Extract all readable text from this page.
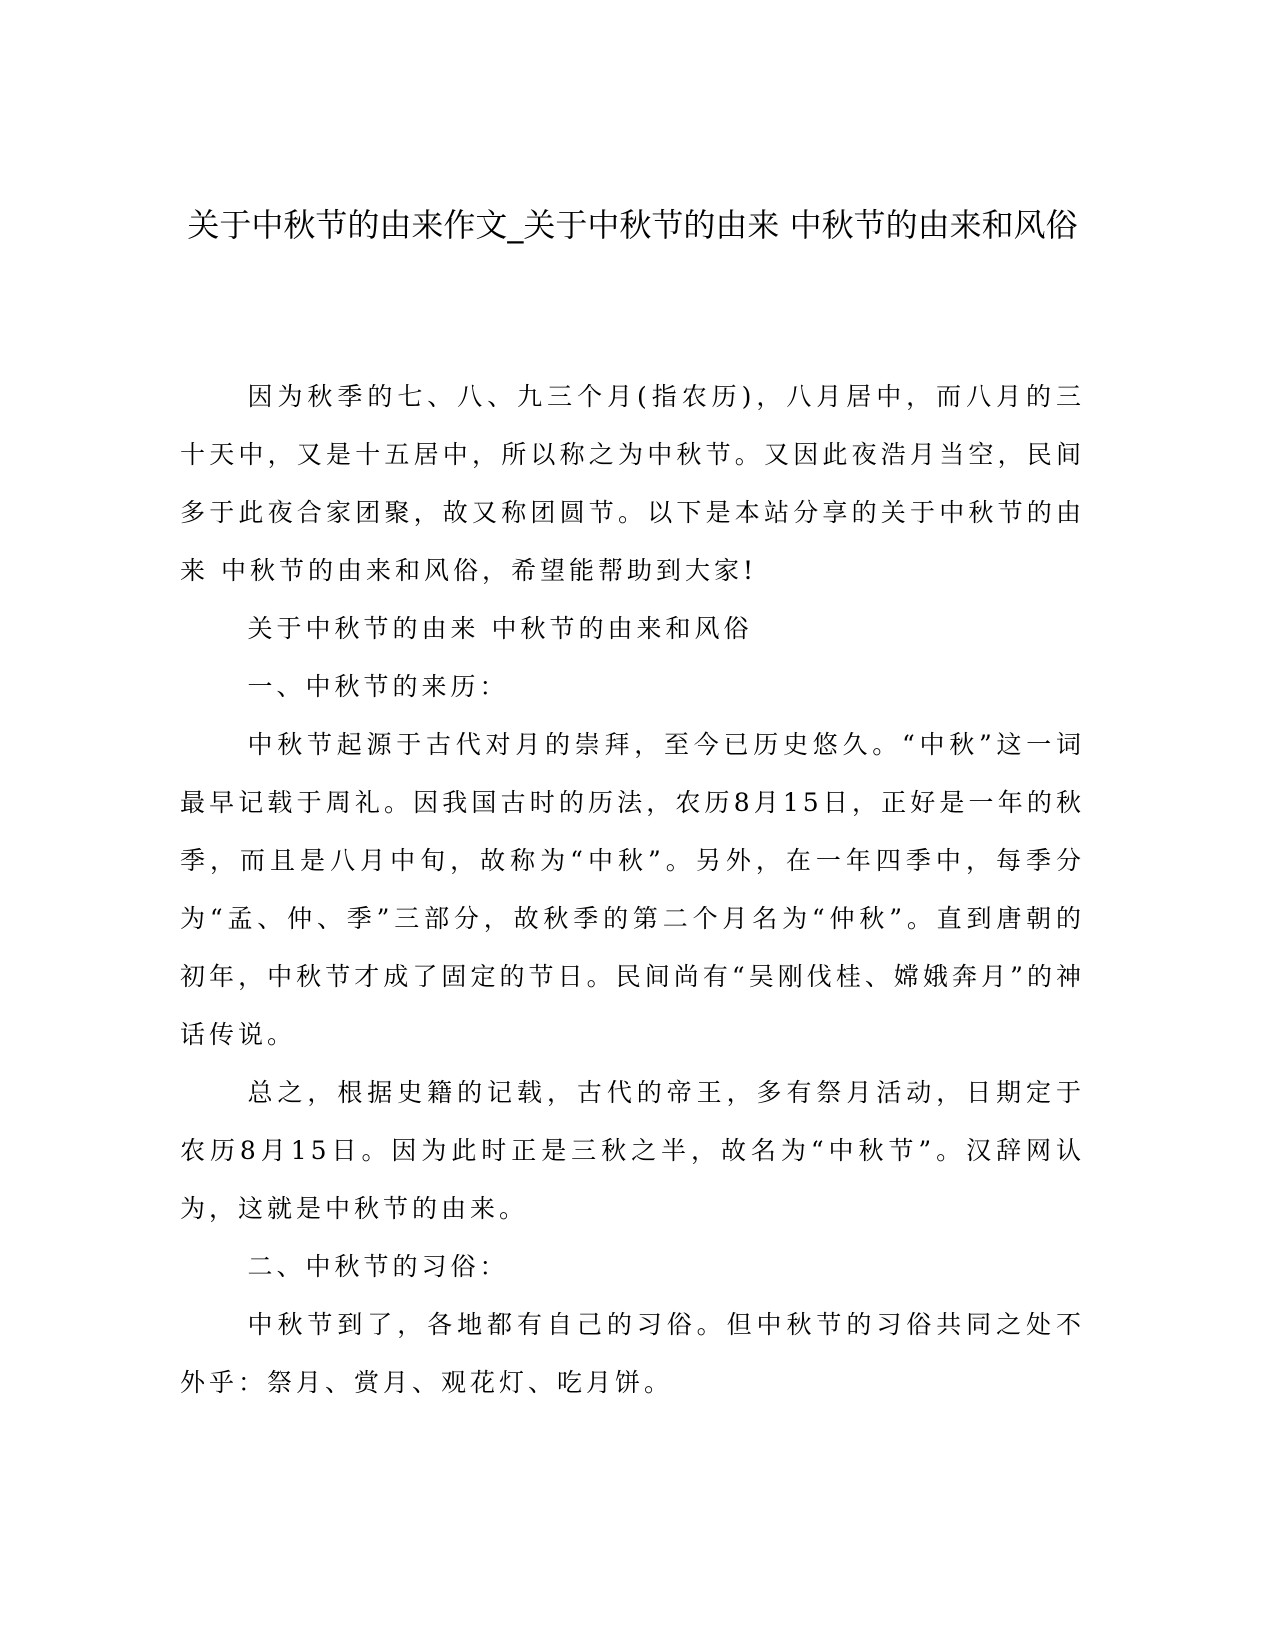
关于中秋节的由来作文_关于中秋节的由来 中秋节的由来和风俗

因为秋季的七、八、九三个月(指农历)，八月居中，而八月的三十天中，又是十五居中，所以称之为中秋节。又因此夜浩月当空，民间多于此夜合家团聚，故又称团圆节。以下是本站分享的关于中秋节的由来 中秋节的由来和风俗，希望能帮助到大家!

关于中秋节的由来 中秋节的由来和风俗

一、中秋节的来历：

中秋节起源于古代对月的崇拜，至今已历史悠久。“中秋”这一词最早记载于周礼。因我国古时的历法，农历8月15日，正好是一年的秋季，而且是八月中旬，故称为“中秋”。另外，在一年四季中，每季分为“孟、仲、季”三部分，故秋季的第二个月名为“仲秋”。直到唐朝的初年，中秋节才成了固定的节日。民间尚有“吴刚伐桂、嫦娥奔月”的神话传说。

总之，根据史籍的记载，古代的帝王，多有祭月活动，日期定于农历8月15日。因为此时正是三秋之半，故名为“中秋节”。汉辞网认为，这就是中秋节的由来。

二、中秋节的习俗：

中秋节到了，各地都有自己的习俗。但中秋节的习俗共同之处不外乎：祭月、赏月、观花灯、吃月饼。
